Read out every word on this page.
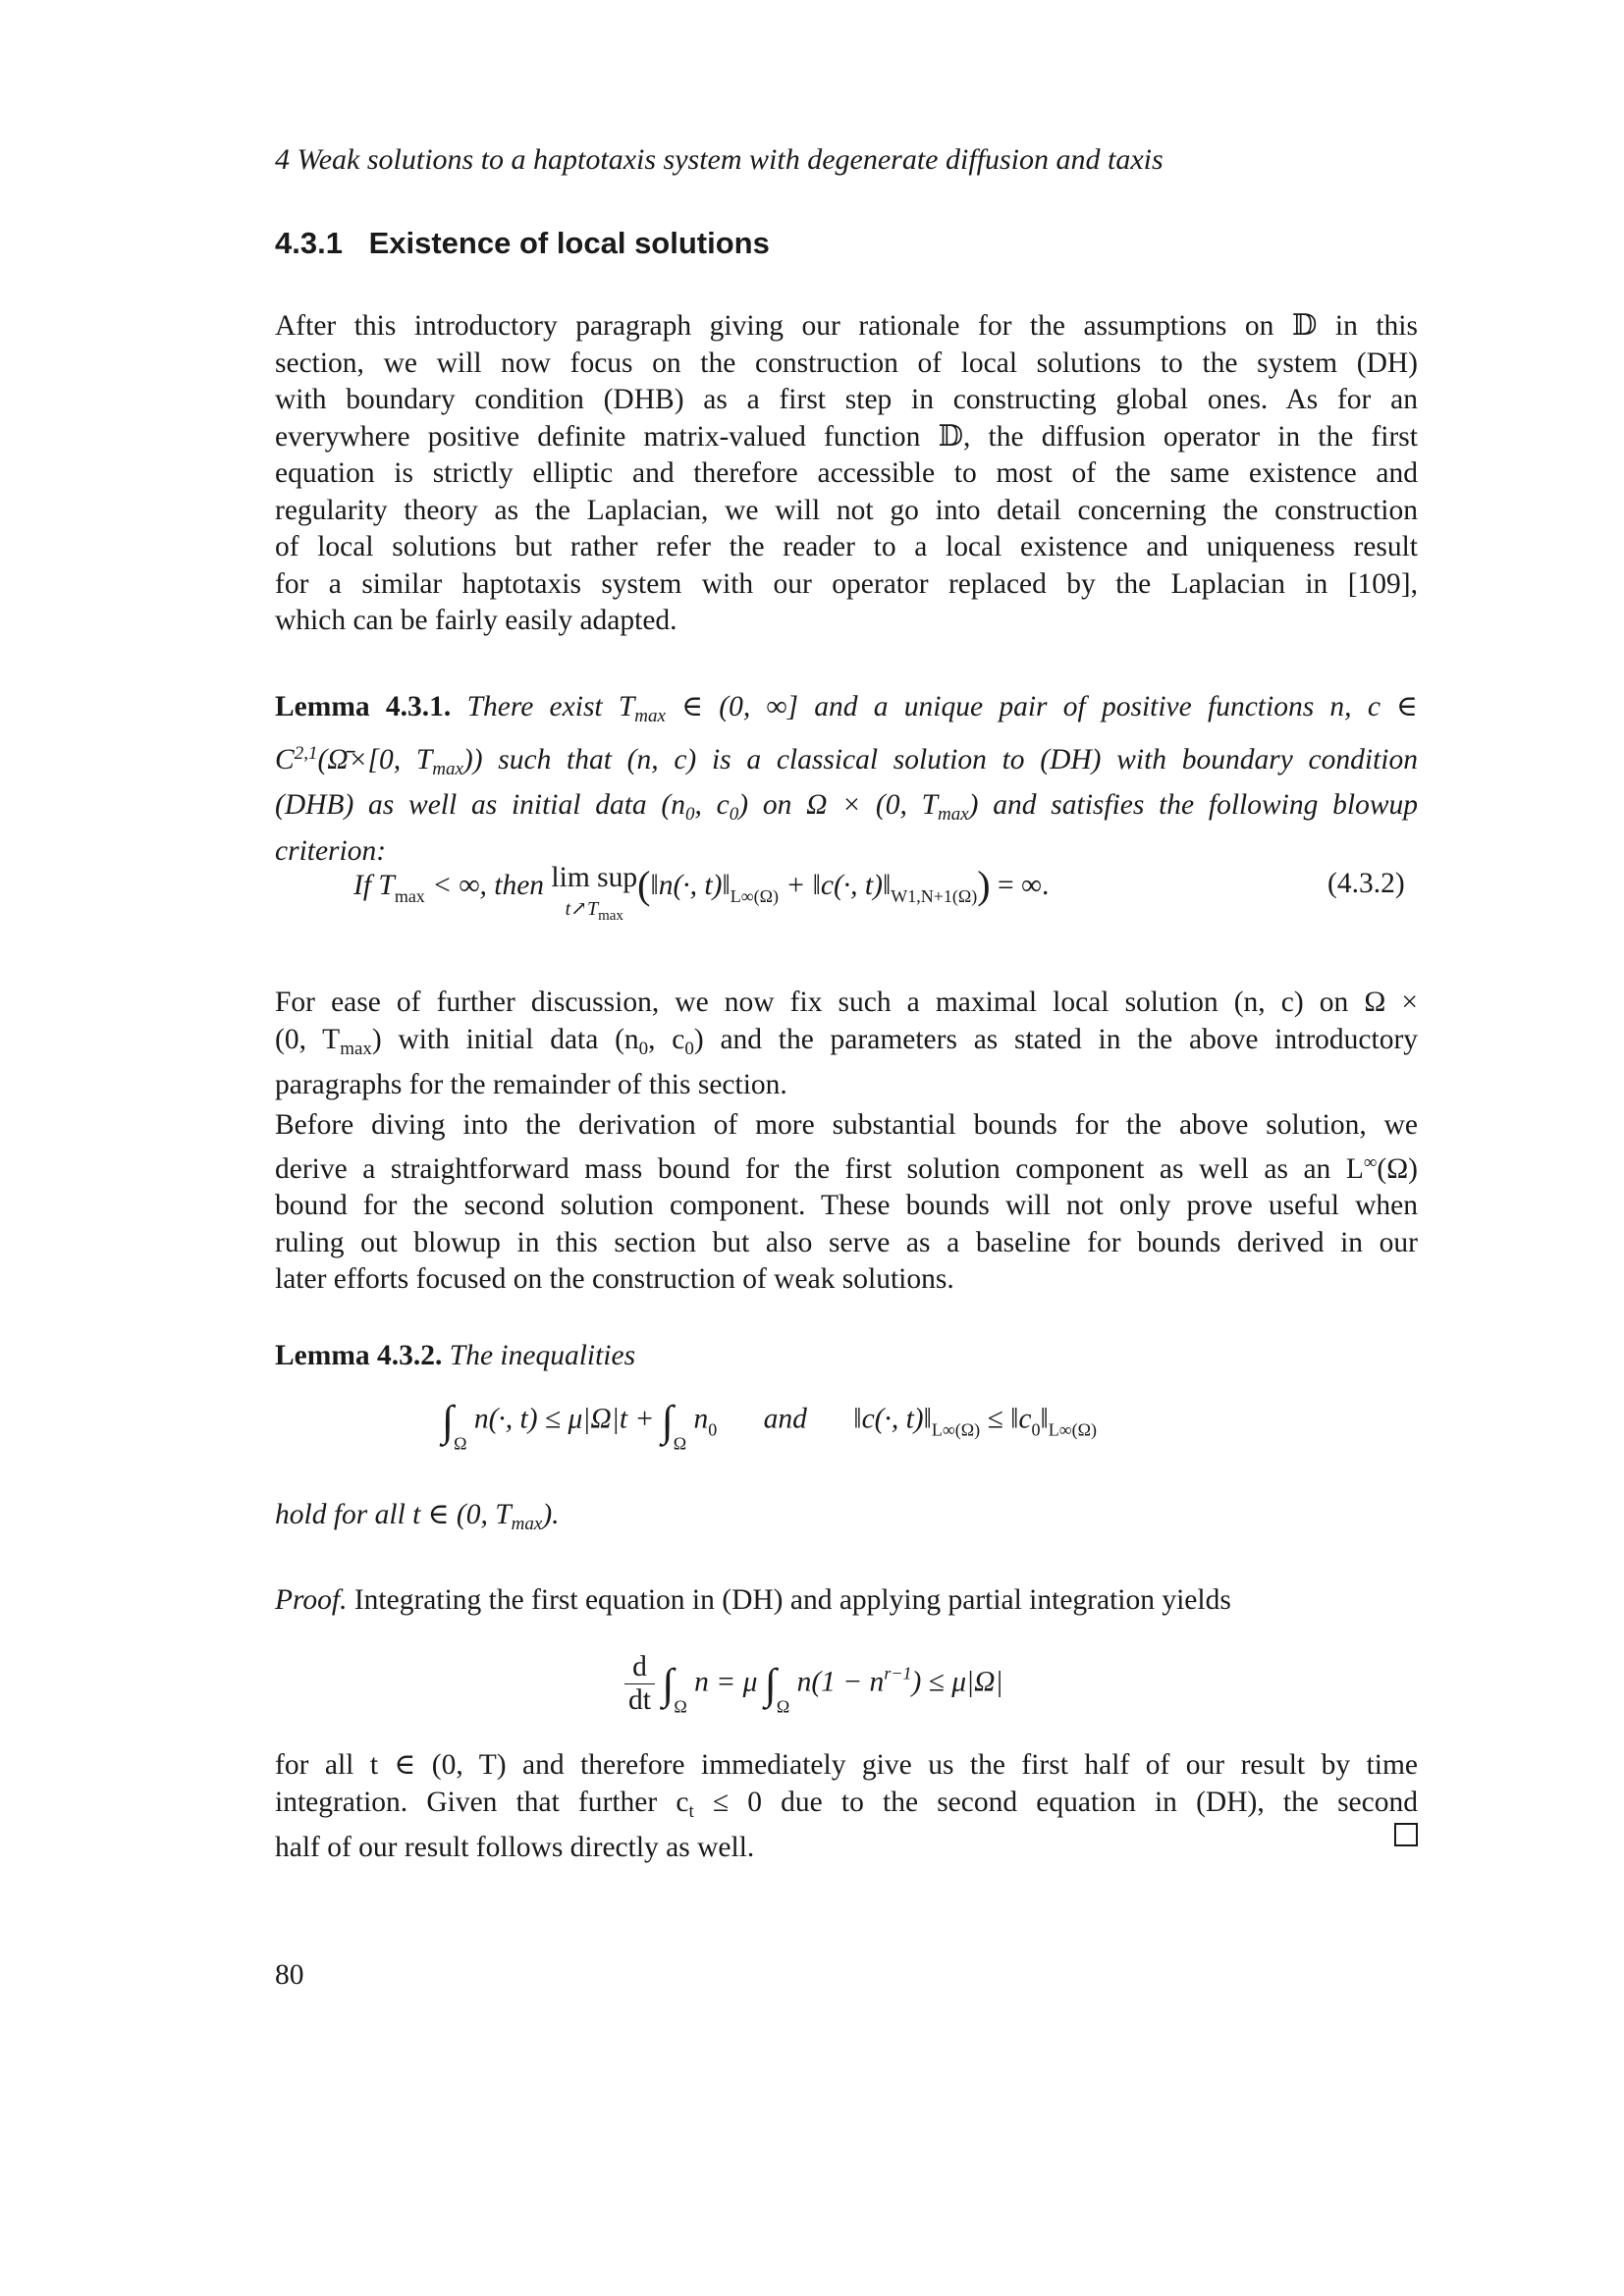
4 Weak solutions to a haptotaxis system with degenerate diffusion and taxis
4.3.1 Existence of local solutions
After this introductory paragraph giving our rationale for the assumptions on 𝔻 in this
section, we will now focus on the construction of local solutions to the system (DH)
with boundary condition (DHB) as a first step in constructing global ones. As for an
everywhere positive definite matrix-valued function 𝔻, the diffusion operator in the first
equation is strictly elliptic and therefore accessible to most of the same existence and
regularity theory as the Laplacian, we will not go into detail concerning the construction
of local solutions but rather refer the reader to a local existence and uniqueness result
for a similar haptotaxis system with our operator replaced by the Laplacian in [109],
which can be fairly easily adapted.
Lemma 4.3.1. There exist $T_{max}$ ∈ (0, ∞] and a unique pair of positive functions n, c ∈
C$^{2,1}$(Ω̄×[0, $T_{max}$)) such that (n, c) is a classical solution to (DH) with boundary condition
(DHB) as well as initial data ($n_0$, $c_0$) on Ω × (0, $T_{max}$) and satisfies the following blowup
criterion:
If $T_{max}$ < ∞, then lim sup
$t↗T_{max}$
(‖n(·, $t)‖_{L\infty(\Omega)}$ + ‖c(·, $t)‖_{W1,N+1(\Omega)}$) = ∞.	(4.3.2)
For ease of further discussion, we now fix such a maximal local solution (n, c) on Ω ×
(0, $T_{max}$) with initial data ($n_0$, $c_0$) and the parameters as stated in the above introductory
paragraphs for the remainder of this section.
Before diving into the derivation of more substantial bounds for the above solution, we
derive a straightforward mass bound for the first solution component as well as an L∞(Ω)
bound for the second solution component. These bounds will not only prove useful when
ruling out blowup in this section but also serve as a baseline for bounds derived in our
later efforts focused on the construction of weak solutions.
Lemma 4.3.2. The inequalities
$\int_\Omega$ n(·, $t) \le \mu|\Omega|t + \int_\Omega$ $n_0$ and ‖c(·, $t)‖_{L\infty(\Omega)}$ ≤ $‖c_0‖_{L\infty(\Omega)}$
hold for all t ∈ (0, $T_{max}$).
Proof. Integrating the first equation in (DH) and applying partial integration yields
$\frac{d}{dt} \int_\Omega$ n = μ $\int_\Omega$ $n(1 - n^{r-1}) \le \mu|\Omega|$
for all t ∈ (0, T) and therefore immediately give us the first half of our result by time
integration. Given that further $c_t \le 0$ due to the second equation in (DH), the second
half of our result follows directly as well.
80
